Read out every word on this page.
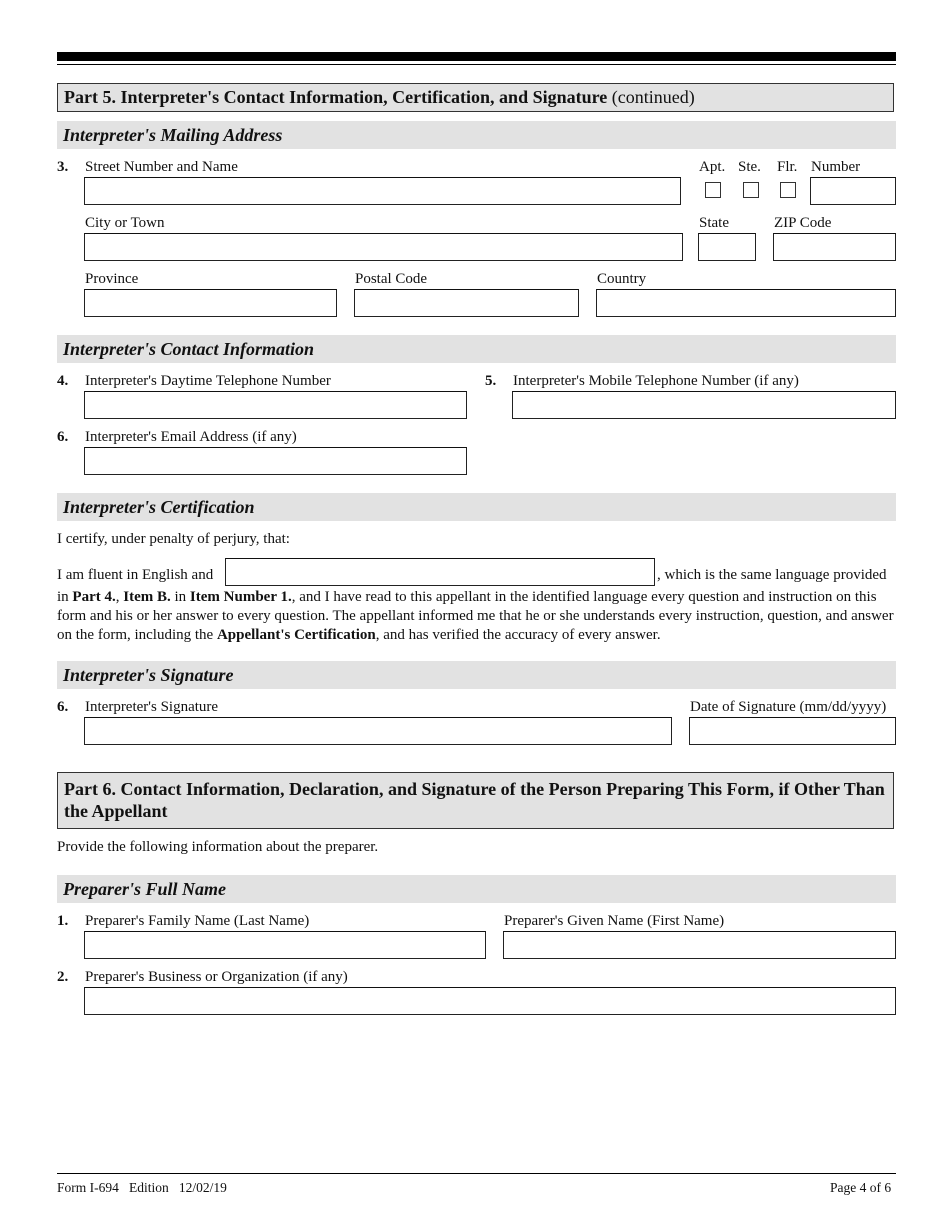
Part 5. Interpreter's Contact Information, Certification, and Signature (continued)
Interpreter's Mailing Address
3. Street Number and Name	Apt. Ste. Flr. Number
City or Town	State	ZIP Code
Province	Postal Code	Country
Interpreter's Contact Information
4. Interpreter's Daytime Telephone Number	5. Interpreter's Mobile Telephone Number (if any)
6. Interpreter's Email Address (if any)
Interpreter's Certification
I certify, under penalty of perjury, that:
I am fluent in English and	, which is the same language provided
in Part 4., Item B. in Item Number 1., and I have read to this appellant in the identified language every question and instruction on this form and his or her answer to every question. The appellant informed me that he or she understands every instruction, question, and answer on the form, including the Appellant's Certification, and has verified the accuracy of every answer.
Interpreter's Signature
6. Interpreter's Signature	Date of Signature (mm/dd/yyyy)
Part 6. Contact Information, Declaration, and Signature of the Person Preparing This Form, if Other Than the Appellant
Provide the following information about the preparer.
Preparer's Full Name
1. Preparer's Family Name (Last Name)	Preparer's Given Name (First Name)
2. Preparer's Business or Organization (if any)
Form I-694   Edition   12/02/19	Page 4 of 6
